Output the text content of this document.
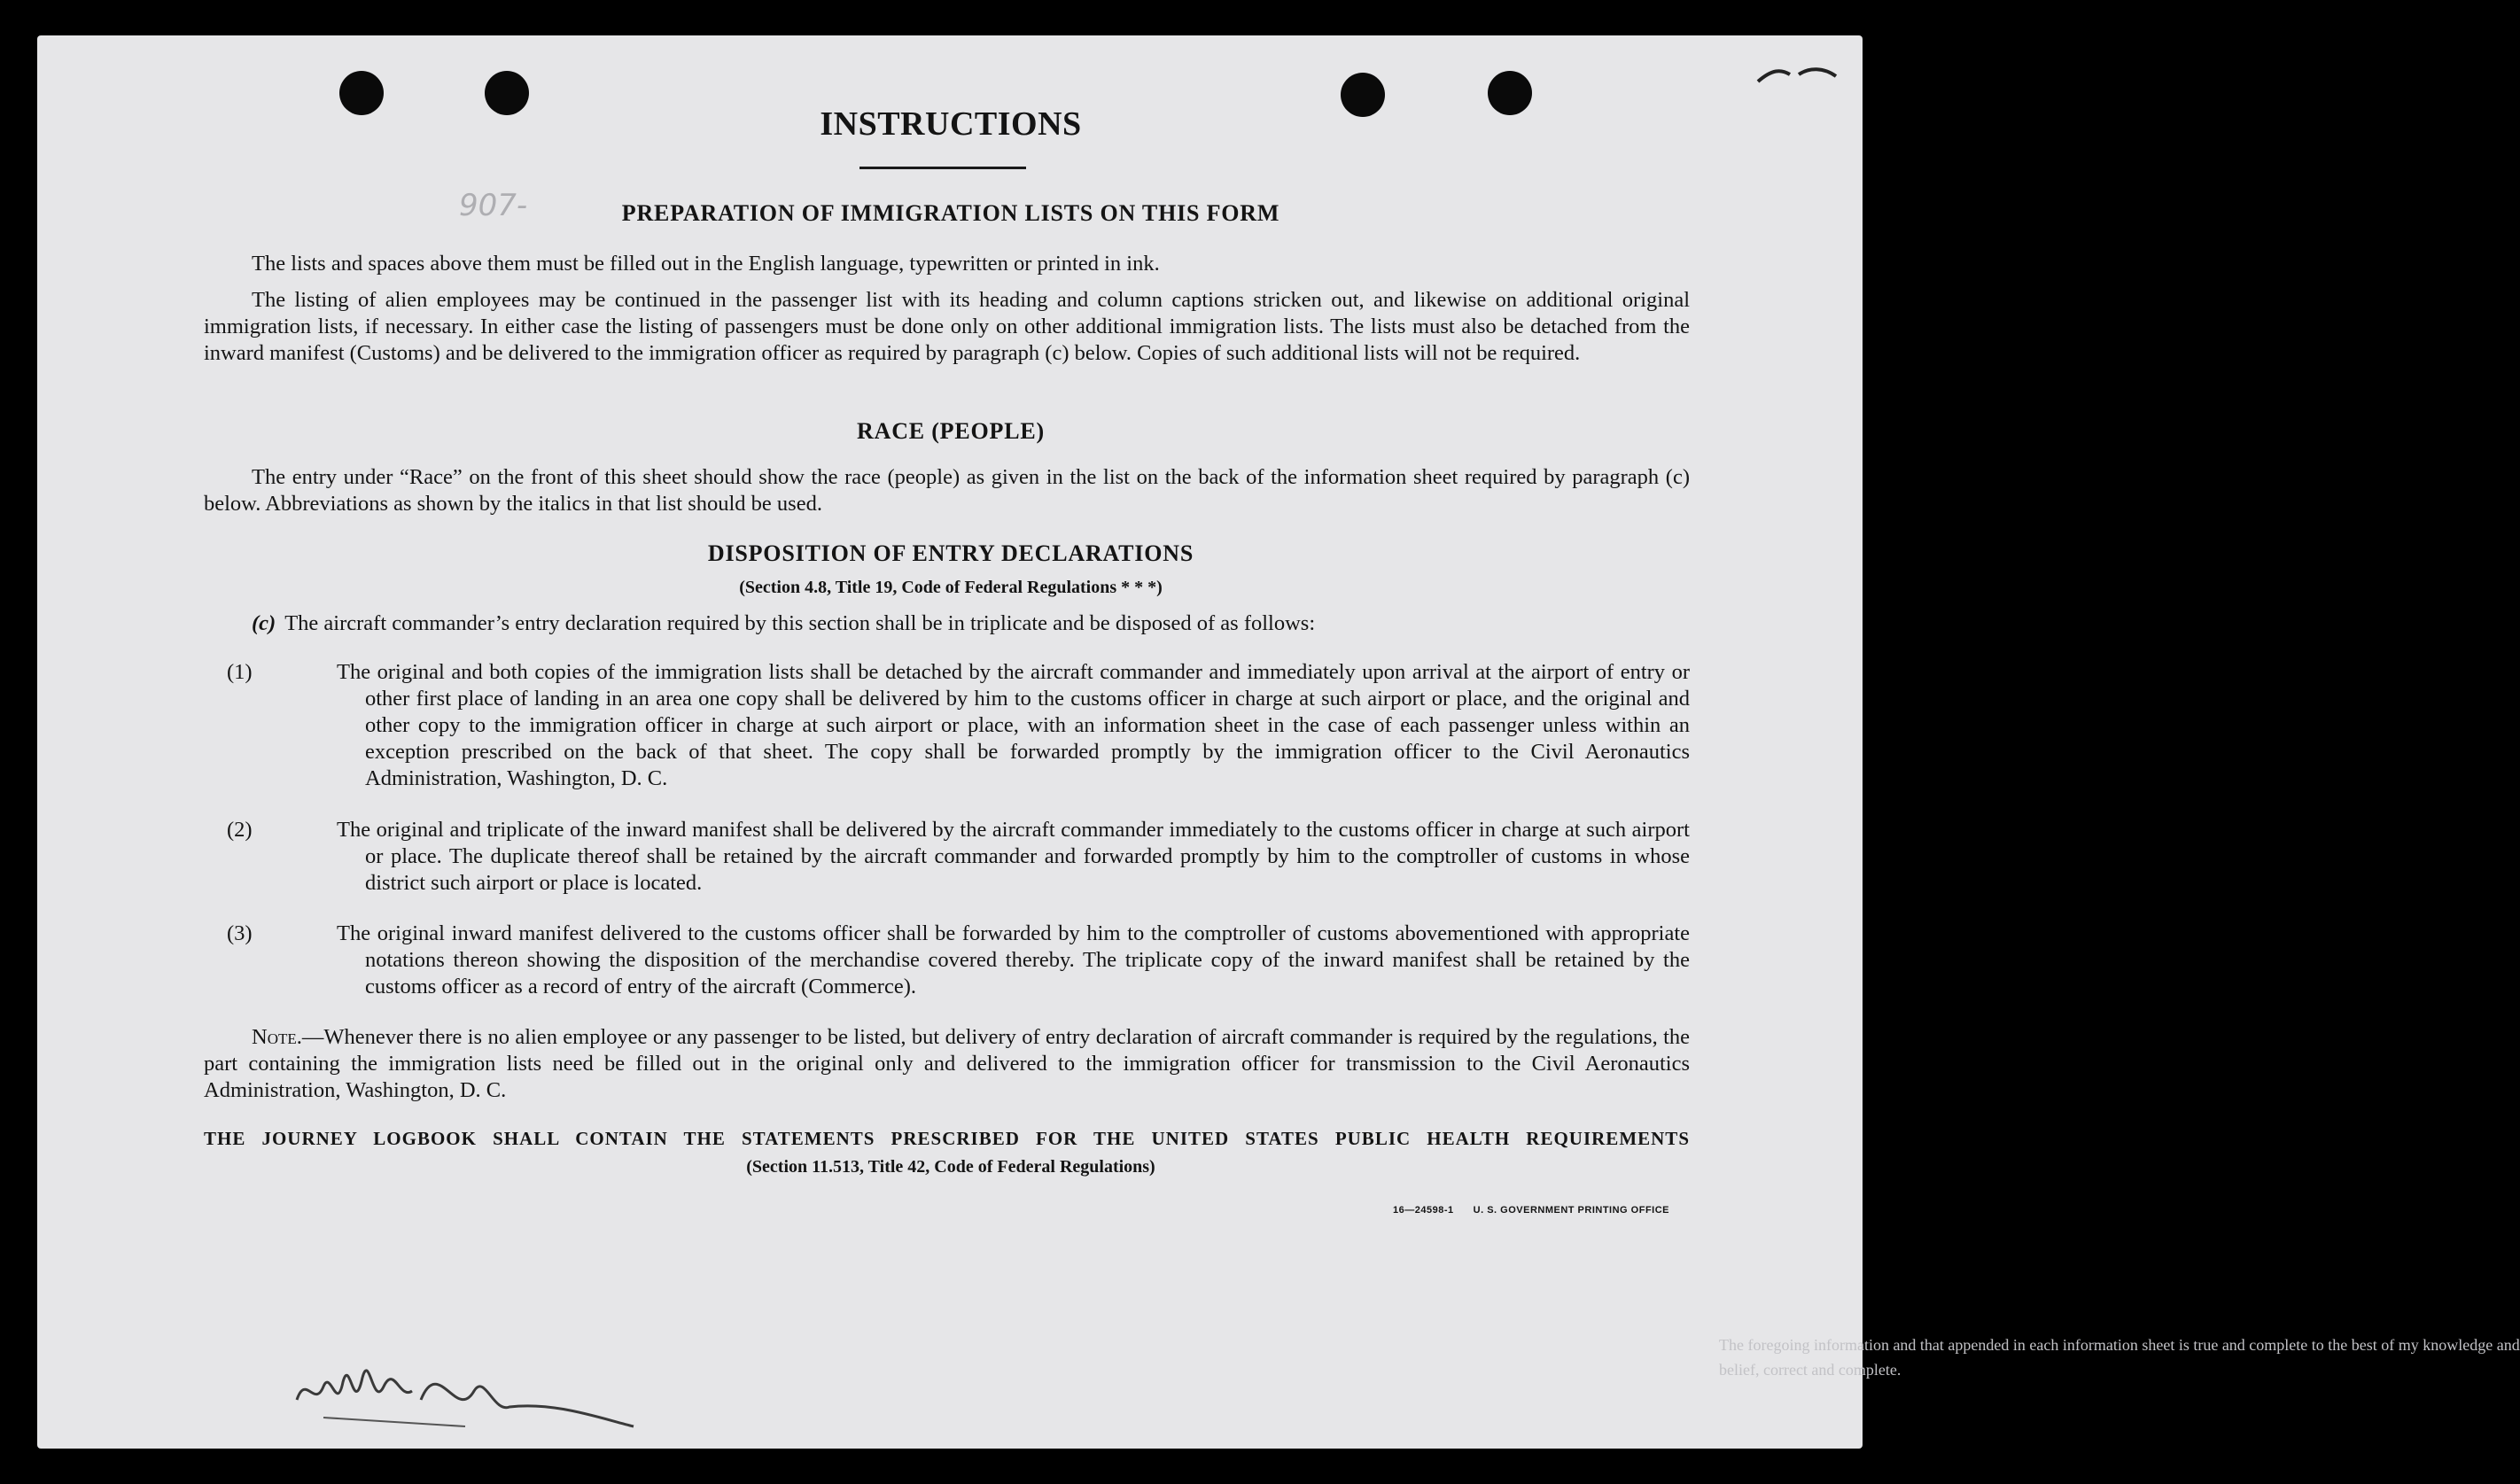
INSTRUCTIONS
907-	PREPARATION OF IMMIGRATION LISTS ON THIS FORM

The lists and spaces above them must be filled out in the English language, typewritten or printed in ink.

The listing of alien employees may be continued in the passenger list with its heading and column captions stricken out, and likewise on additional original immigration lists, if necessary. In either case the listing of passengers must be done only on other additional immigration lists. The lists must also be detached from the inward manifest (Customs) and be delivered to the immigration officer as required by paragraph (c) below. Copies of such additional lists will not be required.

RACE (PEOPLE)

The entry under “Race” on the front of this sheet should show the race (people) as given in the list on the back of the information sheet required by paragraph (c) below. Abbreviations as shown by the italics in that list should be used.

DISPOSITION OF ENTRY DECLARATIONS
(Section 4.8, Title 19, Code of Federal Regulations * * *)

(c) The aircraft commander’s entry declaration required by this section shall be in triplicate and be disposed of as follows:

(1)	The original and both copies of the immigration lists shall be detached by the aircraft commander and immediately upon arrival at the airport of entry or other first place of landing in an area one copy shall be delivered by him to the customs officer in charge at such airport or place, and the original and other copy to the immigration officer in charge at such airport or place, with an information sheet in the case of each passenger unless within an exception prescribed on the back of that sheet. The copy shall be forwarded promptly by the immigration officer to the Civil Aeronautics Administration, Washington, D. C.

(2)	The original and triplicate of the inward manifest shall be delivered by the aircraft commander immediately to the customs officer in charge at such airport or place. The duplicate thereof shall be retained by the aircraft commander and forwarded promptly by him to the comptroller of customs in whose district such airport or place is located.

(3)	The original inward manifest delivered to the customs officer shall be forwarded by him to the comptroller of customs abovementioned with appropriate notations thereon showing the disposition of the merchandise covered thereby. The triplicate copy of the inward manifest shall be retained by the customs officer as a record of entry of the aircraft (Commerce).

Note.—Whenever there is no alien employee or any passenger to be listed, but delivery of entry declaration of aircraft commander is required by the regulations, the part containing the immigration lists need be filled out in the original only and delivered to the immigration officer for transmission to the Civil Aeronautics Administration, Washington, D. C.

THE JOURNEY LOGBOOK SHALL CONTAIN THE STATEMENTS PRESCRIBED FOR THE UNITED STATES PUBLIC HEALTH REQUIREMENTS
(Section 11.513, Title 42, Code of Federal Regulations)
16—24598-1 U. S. GOVERNMENT PRINTING OFFICE
The foregoing information and that appended in each information sheet is true and complete to the best of my knowledge and
belief, correct and complete.
